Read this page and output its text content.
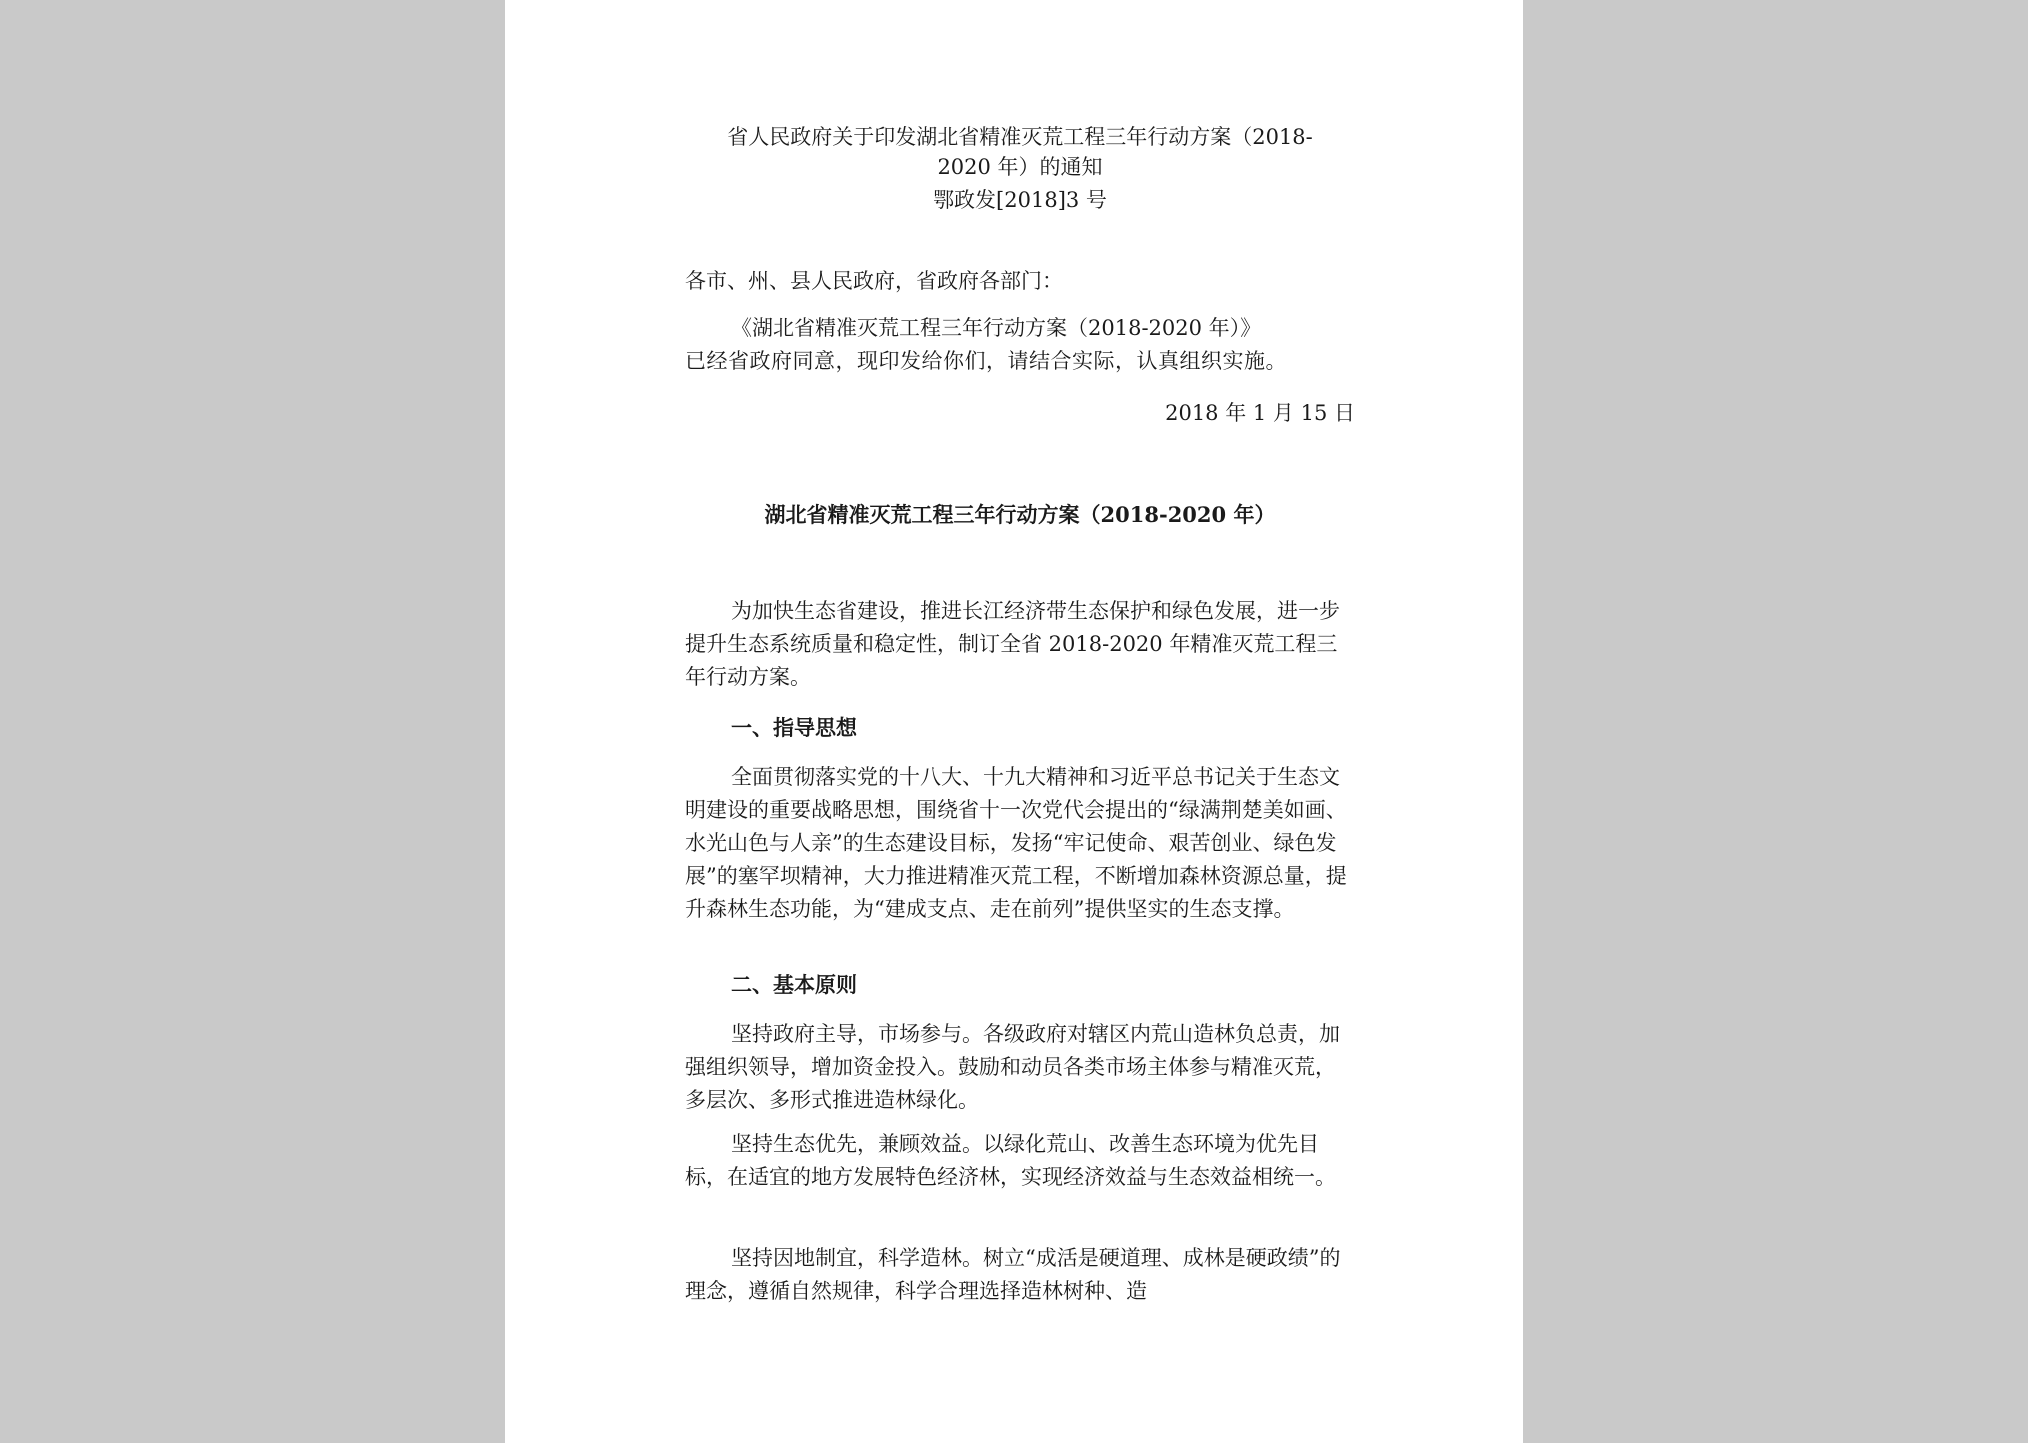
省人民政府关于印发湖北省精准灭荒工程三年行动方案（2018-
2020 年）的通知
鄂政发[2018]3 号
各市、州、县人民政府，省政府各部门：
《湖北省精准灭荒工程三年行动方案（2018-2020 年）》
已经省政府同意，现印发给你们，请结合实际，认真组织实施。
2018 年 1 月 15 日
湖北省精准灭荒工程三年行动方案（2018-2020 年）
为加快生态省建设，推进长江经济带生态保护和绿色发展，进一步提升生态系统质量和稳定性，制订全省 2018-2020 年精准灭荒工程三年行动方案。
一、指导思想
全面贯彻落实党的十八大、十九大精神和习近平总书记关于生态文明建设的重要战略思想，围绕省十一次党代会提出的“绿满荆楚美如画、水光山色与人亲”的生态建设目标，发扬“牢记使命、艰苦创业、绿色发展”的塞罕坝精神，大力推进精准灭荒工程，不断增加森林资源总量，提升森林生态功能，为“建成支点、走在前列”提供坚实的生态支撑。
二、基本原则
坚持政府主导，市场参与。各级政府对辖区内荒山造林负总责，加强组织领导，增加资金投入。鼓励和动员各类市场主体参与精准灭荒，多层次、多形式推进造林绿化。
坚持生态优先，兼顾效益。以绿化荒山、改善生态环境为优先目标，在适宜的地方发展特色经济林，实现经济效益与生态效益相统一。
坚持因地制宜，科学造林。树立“成活是硬道理、成林是硬政绩”的理念，遵循自然规律，科学合理选择造林树种、造
